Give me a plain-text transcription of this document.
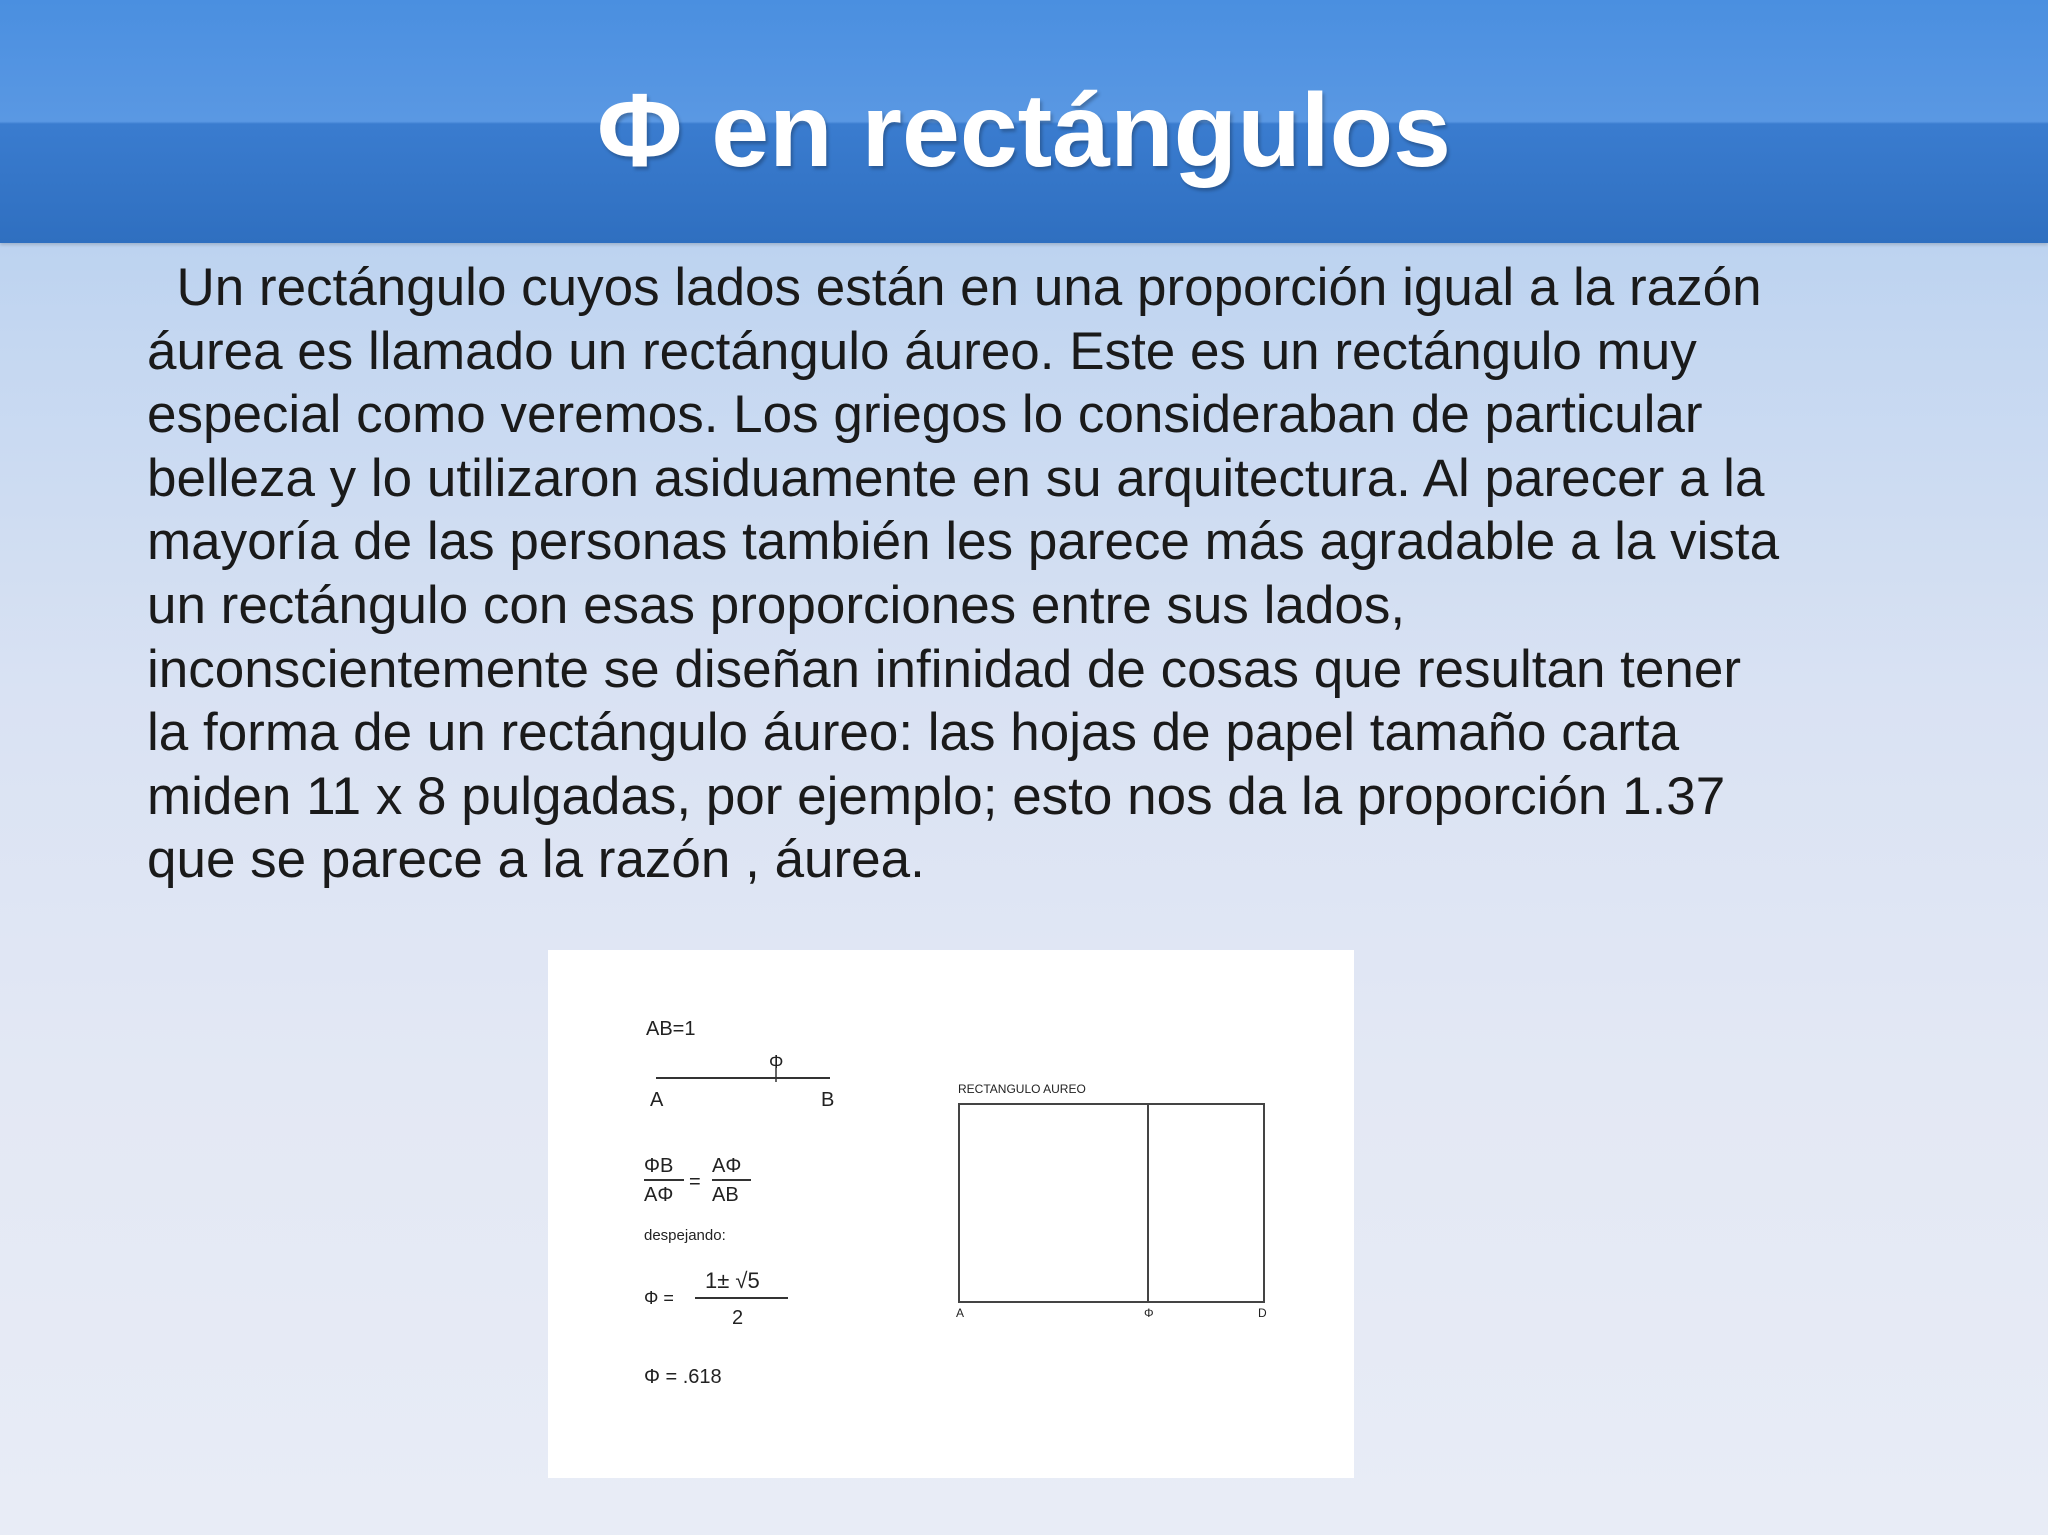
Φ en rectángulos

Un rectángulo cuyos lados están en una proporción igual a la razón
áurea es llamado un rectángulo áureo. Este es un rectángulo muy
especial como veremos. Los griegos lo consideraban de particular
belleza y lo utilizaron asiduamente en su arquitectura. Al parecer a la
mayoría de las personas también les parece más agradable a la vista
un rectángulo con esas proporciones entre sus lados,
inconscientemente se diseñan infinidad de cosas que resultan tener
la forma de un rectángulo áureo: las hojas de papel tamaño carta
miden 11 x 8 pulgadas, por ejemplo; esto nos da la proporción 1.37
que se parece a la razón , áurea.

AB=1
Φ
A	B
ΦB
AΦ
=
AΦ
AB
despejando:
Φ =
1± √5
2
Φ = .618
RECTANGULO AUREO
A	Φ	D
